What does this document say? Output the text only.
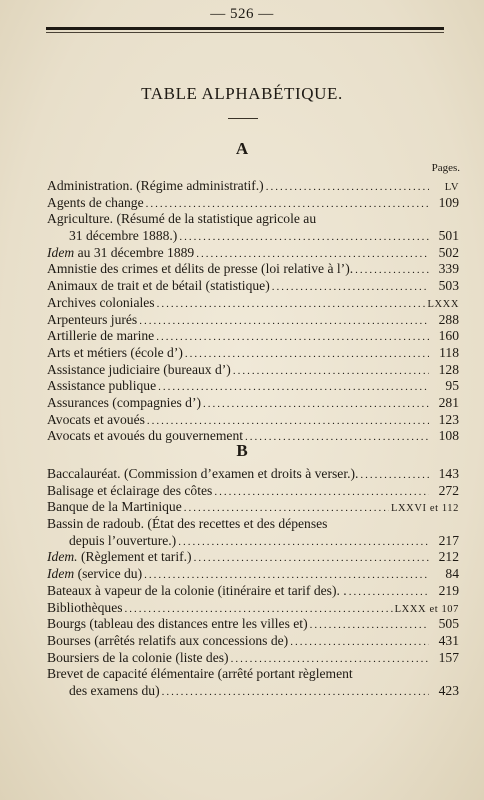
— 526 —
TABLE ALPHABÉTIQUE.
A
Pages.
Administration. (Régime administratif.) .....	LV
Agents de change .....	109
Agriculture. (Résumé de la statistique agricole au
31 décembre 1888.) .....	501
Idem au 31 décembre 1889 .....	502
Amnistie des crimes et délits de presse (loi relative à l’). .....	339
Animaux de trait et de bétail (statistique) .....	503
Archives coloniales .....	LXXX
Arpenteurs jurés .....	288
Artillerie de marine .....	160
Arts et métiers (école d’) .....	118
Assistance judiciaire (bureaux d’) .....	128
Assistance publique .....	95
Assurances (compagnies d’) .....	281
Avocats et avoués .....	123
Avocats et avoués du gouvernement .....	108
B
Baccalauréat. (Commission d’examen et droits à verser.). .....	143
Balisage et éclairage des côtes .....	272
Banque de la Martinique .....	LXXVI et 112
Bassin de radoub. (État des recettes et des dépenses
depuis l’ouverture.) .....	217
Idem. (Règlement et tarif.) .....	212
Idem (service du) .....	84
Bateaux à vapeur de la colonie (itinéraire et tarif des). . .....	219
Bibliothèques .....	LXXX et 107
Bourgs (tableau des distances entre les villes et) .....	505
Bourses (arrêtés relatifs aux concessions de) .....	431
Boursiers de la colonie (liste des) .....	157
Brevet de capacité élémentaire (arrêté portant règlement
des examens du) .....	423
